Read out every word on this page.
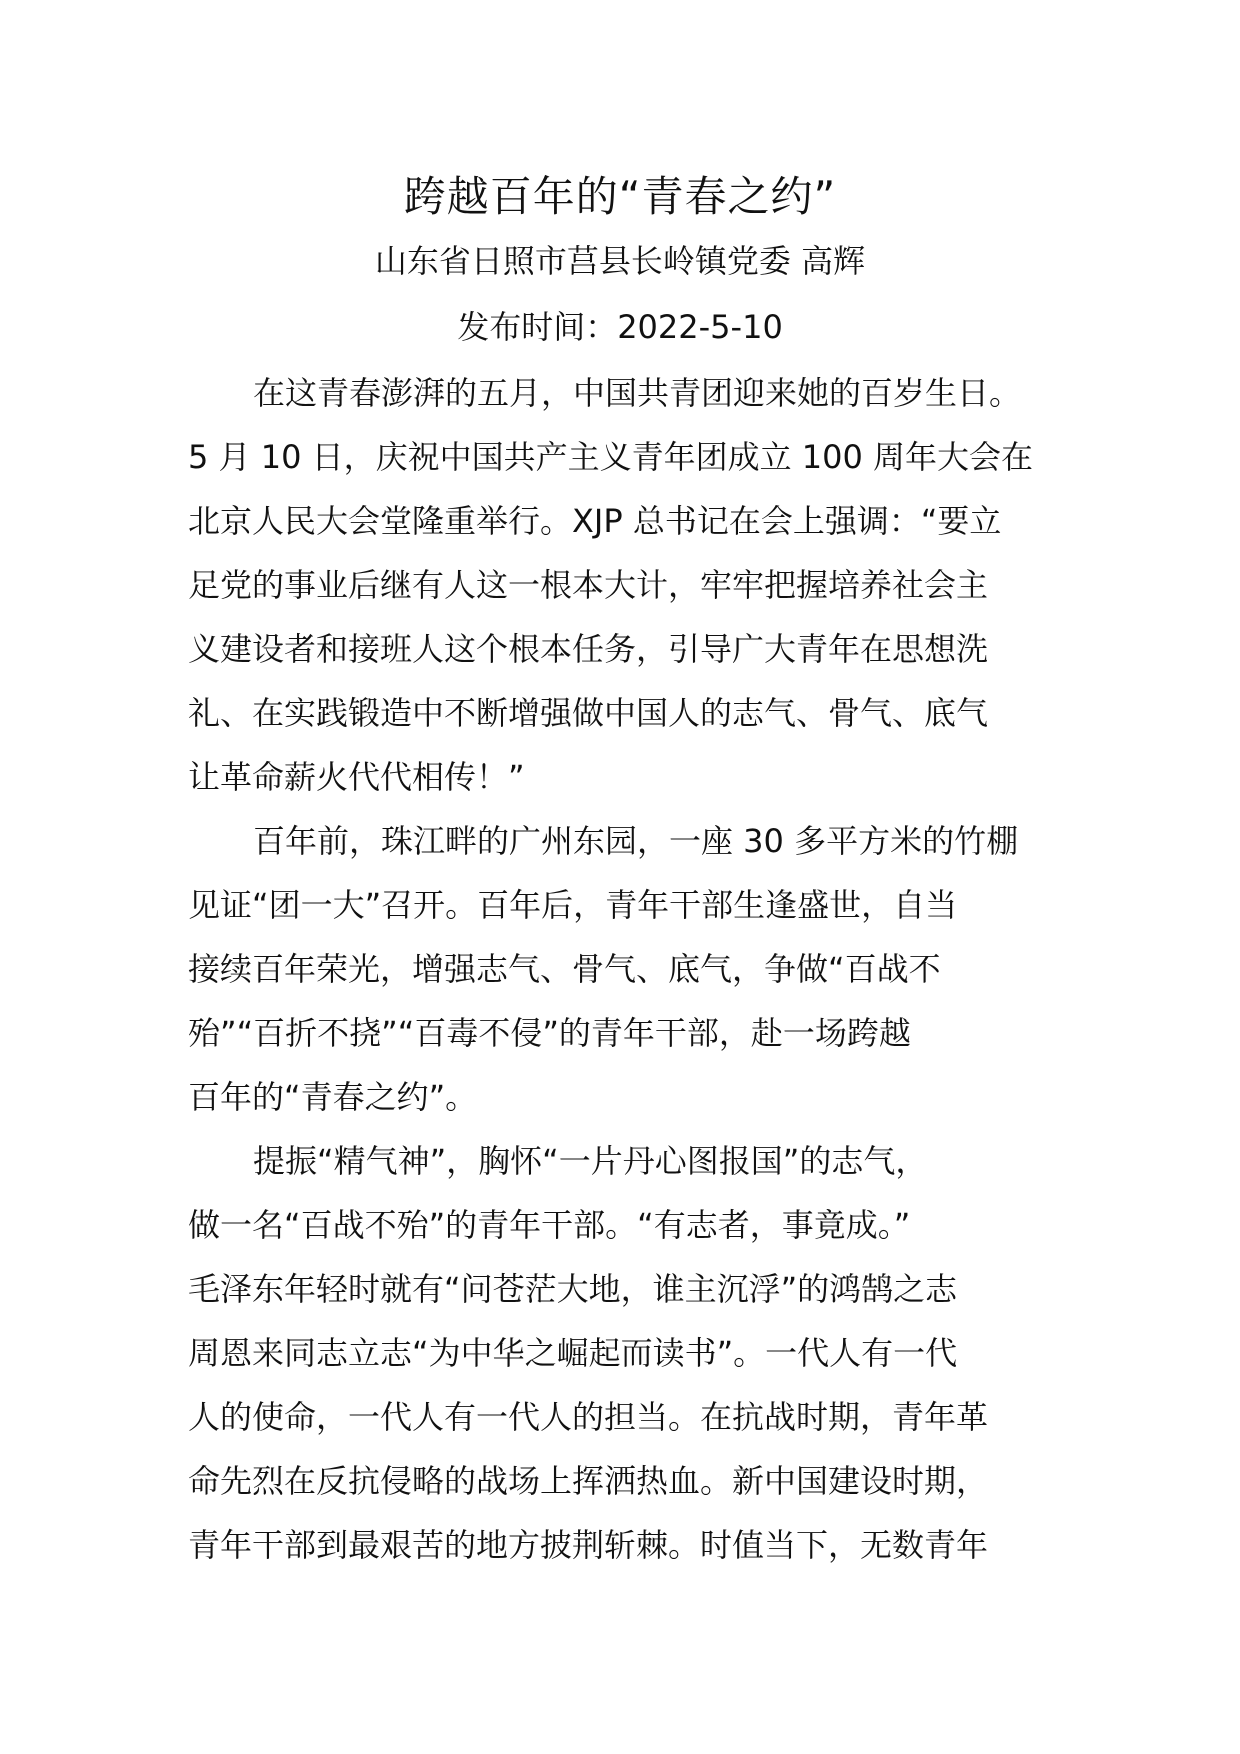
跨越百年的“青春之约”
山东省日照市莒县长岭镇党委 高辉
发布时间：2022-5-10
在这青春澎湃的五月，中国共青团迎来她的百岁生日。
5 月 10 日，庆祝中国共产主义青年团成立 100 周年大会在
北京人民大会堂隆重举行。XJP 总书记在会上强调：“要立
足党的事业后继有人这一根本大计，牢牢把握培养社会主
义建设者和接班人这个根本任务，引导广大青年在思想洗
礼、在实践锻造中不断增强做中国人的志气、骨气、底气
让革命薪火代代相传！”
百年前，珠江畔的广州东园，一座 30 多平方米的竹棚
见证“团一大”召开。百年后，青年干部生逢盛世，自当
接续百年荣光，增强志气、骨气、底气，争做“百战不
殆”“百折不挠”“百毒不侵”的青年干部，赴一场跨越
百年的“青春之约”。
提振“精气神”，胸怀“一片丹心图报国”的志气，
做一名“百战不殆”的青年干部。“有志者，事竟成。”
毛泽东年轻时就有“问苍茫大地，谁主沉浮”的鸿鹄之志
周恩来同志立志“为中华之崛起而读书”。一代人有一代
人的使命，一代人有一代人的担当。在抗战时期，青年革
命先烈在反抗侵略的战场上挥洒热血。新中国建设时期，
青年干部到最艰苦的地方披荆斩棘。时值当下，无数青年
